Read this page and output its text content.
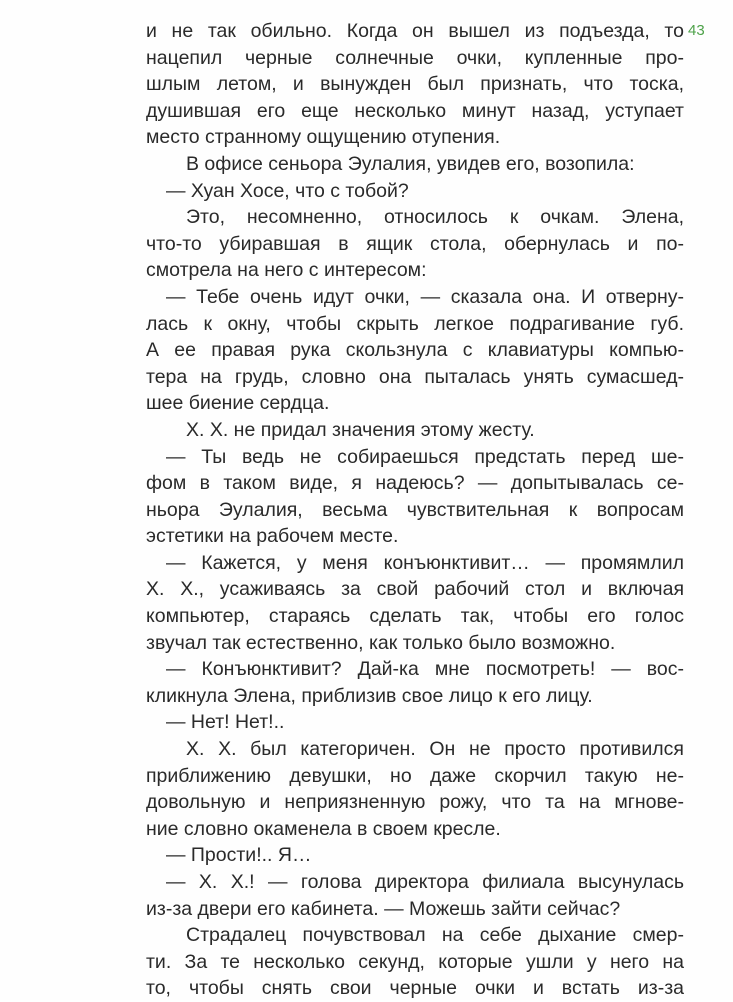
43
и не так обильно. Когда он вышел из подъезда, то
нацепил черные солнечные очки, купленные про-
шлым летом, и вынужден был признать, что тоска,
душившая его еще несколько минут назад, уступает
место странному ощущению отупения.
В офисе сеньора Эулалия, увидев его, возопила:
— Хуан Хосе, что с тобой?
Это, несомненно, относилось к очкам. Элена,
что-то убиравшая в ящик стола, обернулась и по-
смотрела на него с интересом:
— Тебе очень идут очки, — сказала она. И отверну-
лась к окну, чтобы скрыть легкое подрагивание губ.
А ее правая рука скользнула с клавиатуры компью-
тера на грудь, словно она пыталась унять сумасшед-
шее биение сердца.
Х. Х. не придал значения этому жесту.
— Ты ведь не собираешься предстать перед ше-
фом в таком виде, я надеюсь? — допытывалась се-
ньора Эулалия, весьма чувствительная к вопросам
эстетики на рабочем месте.
— Кажется, у меня конъюнктивит… — промямлил
Х. Х., усаживаясь за свой рабочий стол и включая
компьютер, стараясь сделать так, чтобы его голос
звучал так естественно, как только было возможно.
— Конъюнктивит? Дай-ка мне посмотреть! — вос-
кликнула Элена, приблизив свое лицо к его лицу.
— Нет! Нет!..
Х. Х. был категоричен. Он не просто противился
приближению девушки, но даже скорчил такую не-
довольную и неприязненную рожу, что та на мгнове-
ние словно окаменела в своем кресле.
— Прости!.. Я…
— Х. Х.! — голова директора филиала высунулась
из-за двери его кабинета. — Можешь зайти сейчас?
Страдалец почувствовал на себе дыхание смер-
ти. За те несколько секунд, которые ушли у него на
то, чтобы снять свои черные очки и встать из-за
